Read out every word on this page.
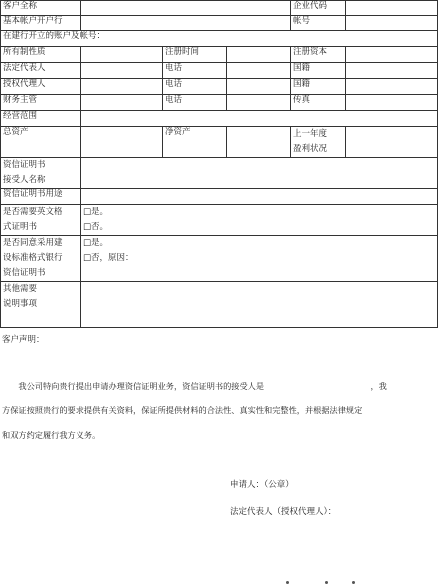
客户全称				企业代码	
基本帐户开户行				帐号	
在建行开立的账户及帐号：					
所有制性质		注册时间		注册资本	
法定代表人		电话		国籍	
授权代理人		电话		国籍	
财务主管		电话		传真	
经营范围					
总资产		净资产		上一年度
盈利状况	

资信证明书
接受人名称					

资信证明书用途					

是否需要英文格
式证明书	□是。
□否。				

是否同意采用建
设标准格式银行
资信证明书	□是。
□否，原因：				

其他需要
说明事项					

客户声明：
　　我公司特向贵行提出申请办理资信证明业务，资信证明书的接受人是　　　　　　　　　　　　　，我
方保证按照贵行的要求提供有关资料，保证所提供材料的合法性、真实性和完整性，并根据法律规定
和双方约定履行我方义务。
申请人：（公章）
法定代表人（授权代理人）：
